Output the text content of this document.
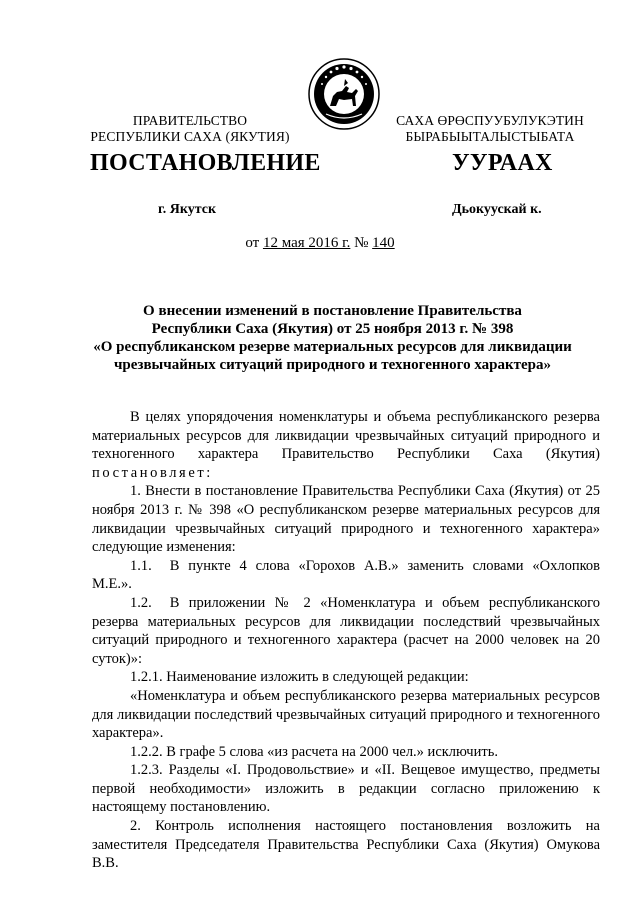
ПРАВИТЕЛЬСТВО
РЕСПУБЛИКИ САХА (ЯКУТИЯ)
САХА ӨРӨСПУУБУЛУКЭТИН
БЫРАБЫЫТАЛЫСТЫБАТА
ПОСТАНОВЛЕНИЕ	УУРААХ
г. Якутск	Дьокуускай к.
от 12 мая 2016 г. № 140
О внесении изменений в постановление Правительства
Республики Саха (Якутия) от 25 ноября 2013 г. № 398
«О республиканском резерве материальных ресурсов для ликвидации
чрезвычайных ситуаций природного и техногенного характера»

В целях упорядочения номенклатуры и объема республиканского резерва материальных ресурсов для ликвидации чрезвычайных ситуаций природного и техногенного характера Правительство Республики Саха (Якутия)

постановляет:

1. Внести в постановление Правительства Республики Саха (Якутия) от 25 ноября 2013 г. № 398 «О республиканском резерве материальных ресурсов для ликвидации чрезвычайных ситуаций природного и техногенного характера» следующие изменения:

1.1. В пункте 4 слова «Горохов А.В.» заменить словами «Охлопков М.Е.».

1.2. В приложении № 2 «Номенклатура и объем республиканского резерва материальных ресурсов для ликвидации последствий чрезвычайных ситуаций природного и техногенного характера (расчет на 2000 человек на 20 суток)»:

1.2.1. Наименование изложить в следующей редакции:

«Номенклатура и объем республиканского резерва материальных ресурсов для ликвидации последствий чрезвычайных ситуаций природного и техногенного характера».

1.2.2. В графе 5 слова «из расчета на 2000 чел.» исключить.

1.2.3. Разделы «I. Продовольствие» и «II. Вещевое имущество, предметы первой необходимости» изложить в редакции согласно приложению к настоящему постановлению.

2. Контроль исполнения настоящего постановления возложить на заместителя Председателя Правительства Республики Саха (Якутия) Омукова В.В.
